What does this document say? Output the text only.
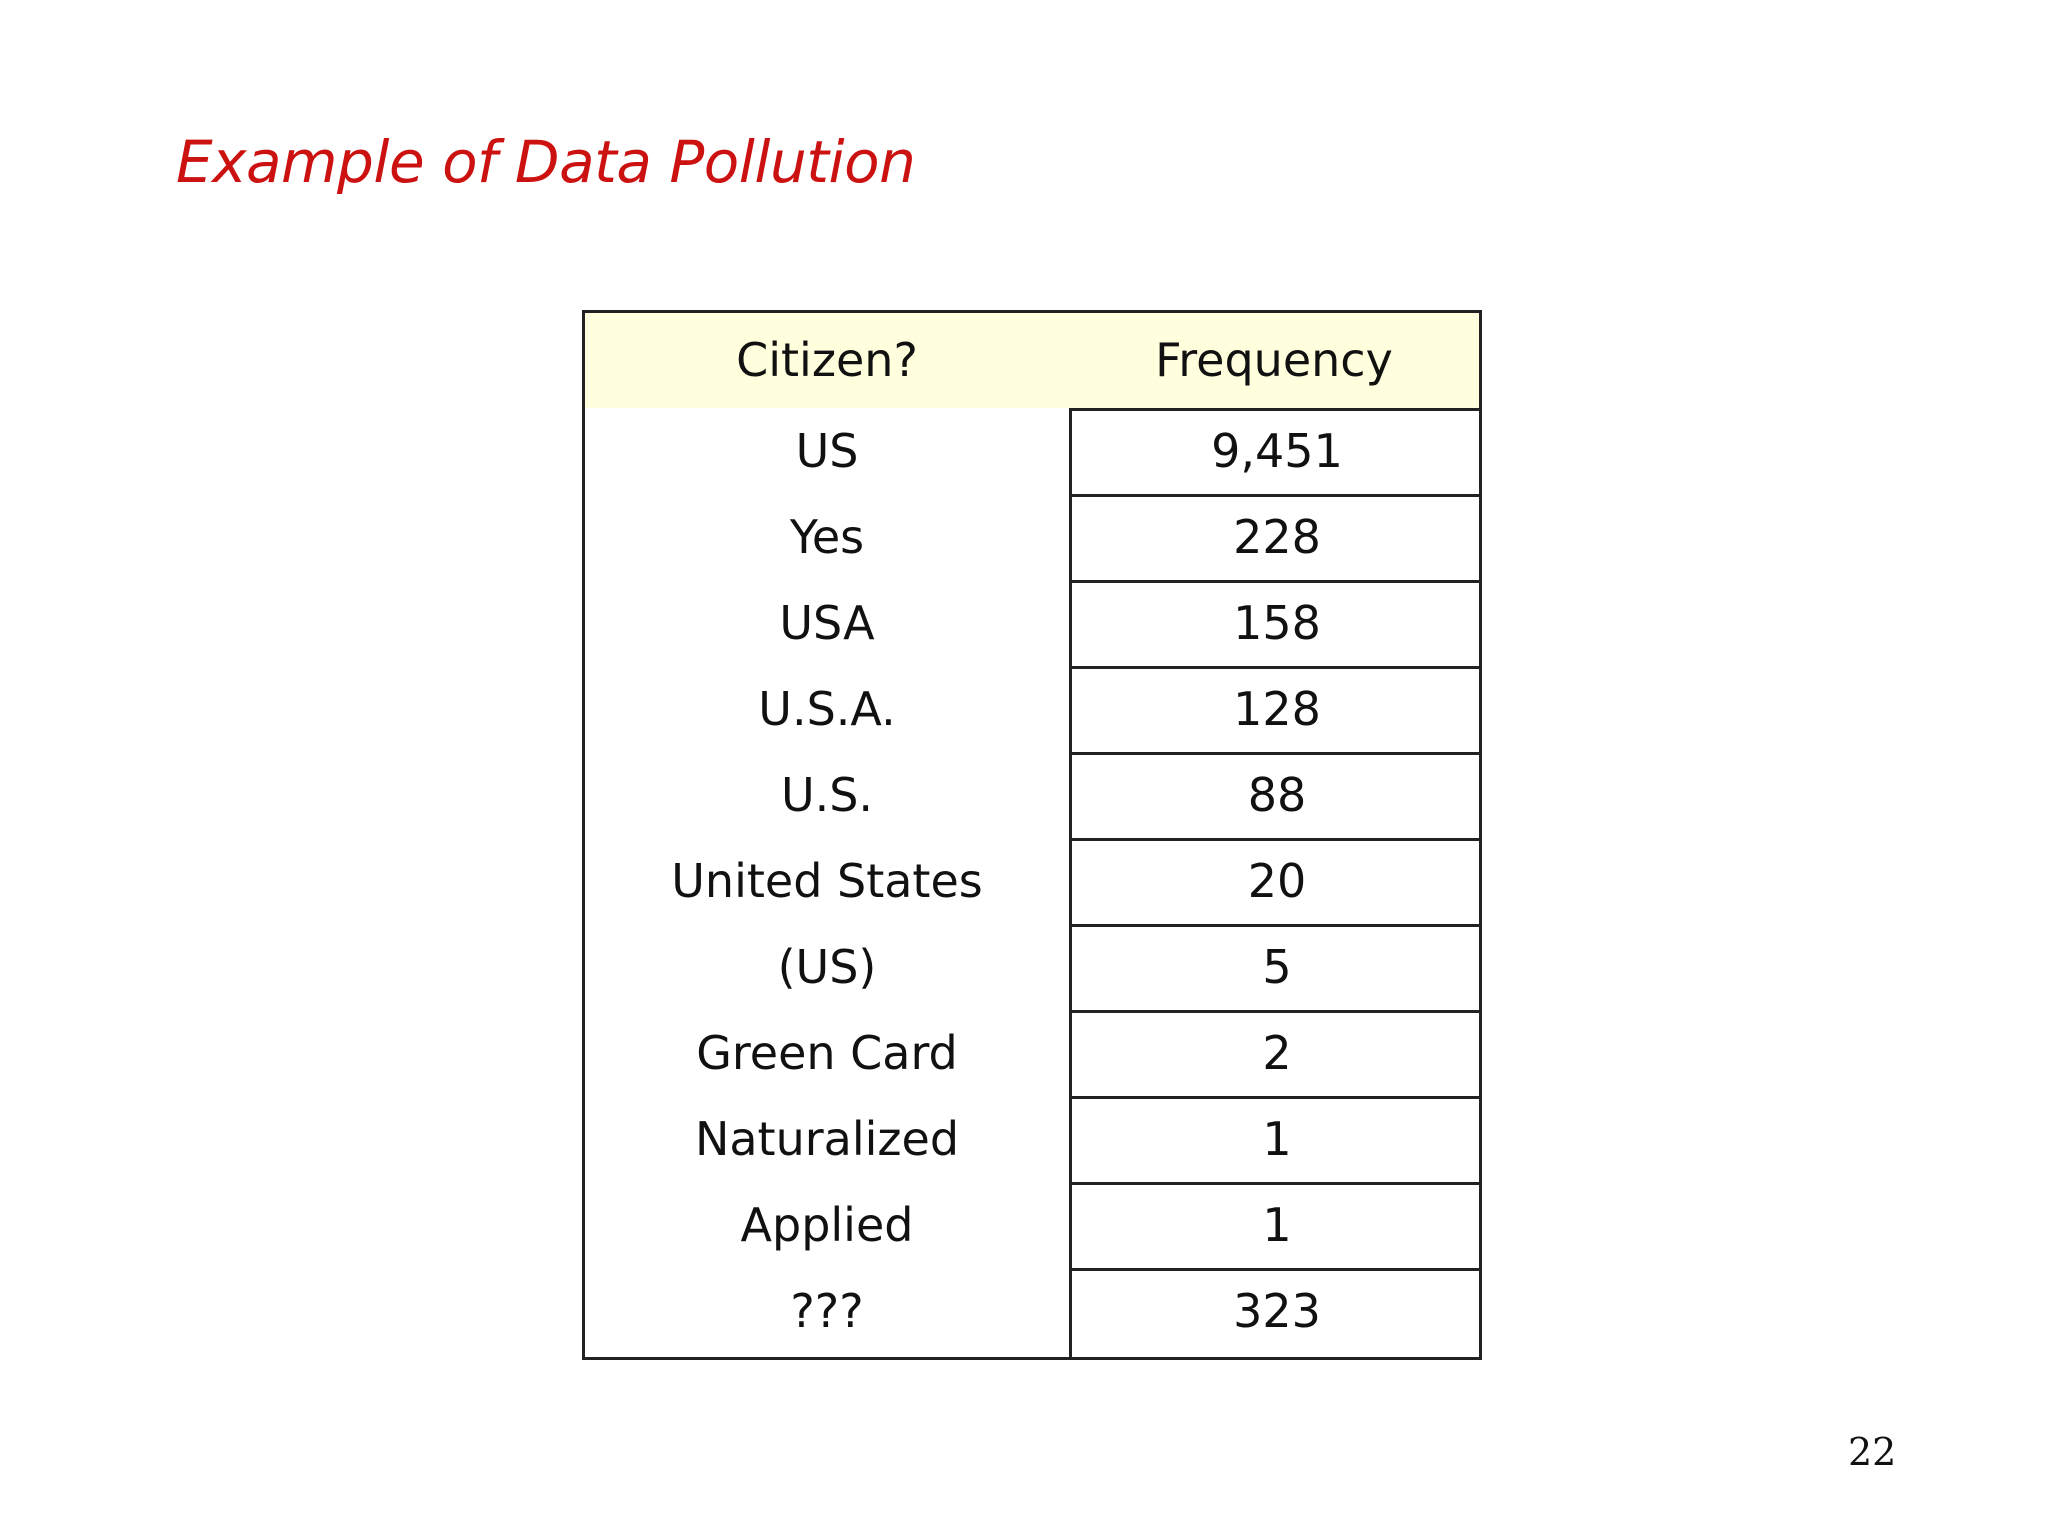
Example of Data Pollution
Citizen?	Frequency
US	9,451
Yes	228
USA	158
U.S.A.	128
U.S.	88
United States	20
(US)	5
Green Card	2
Naturalized	1
Applied	1
???	323
22
